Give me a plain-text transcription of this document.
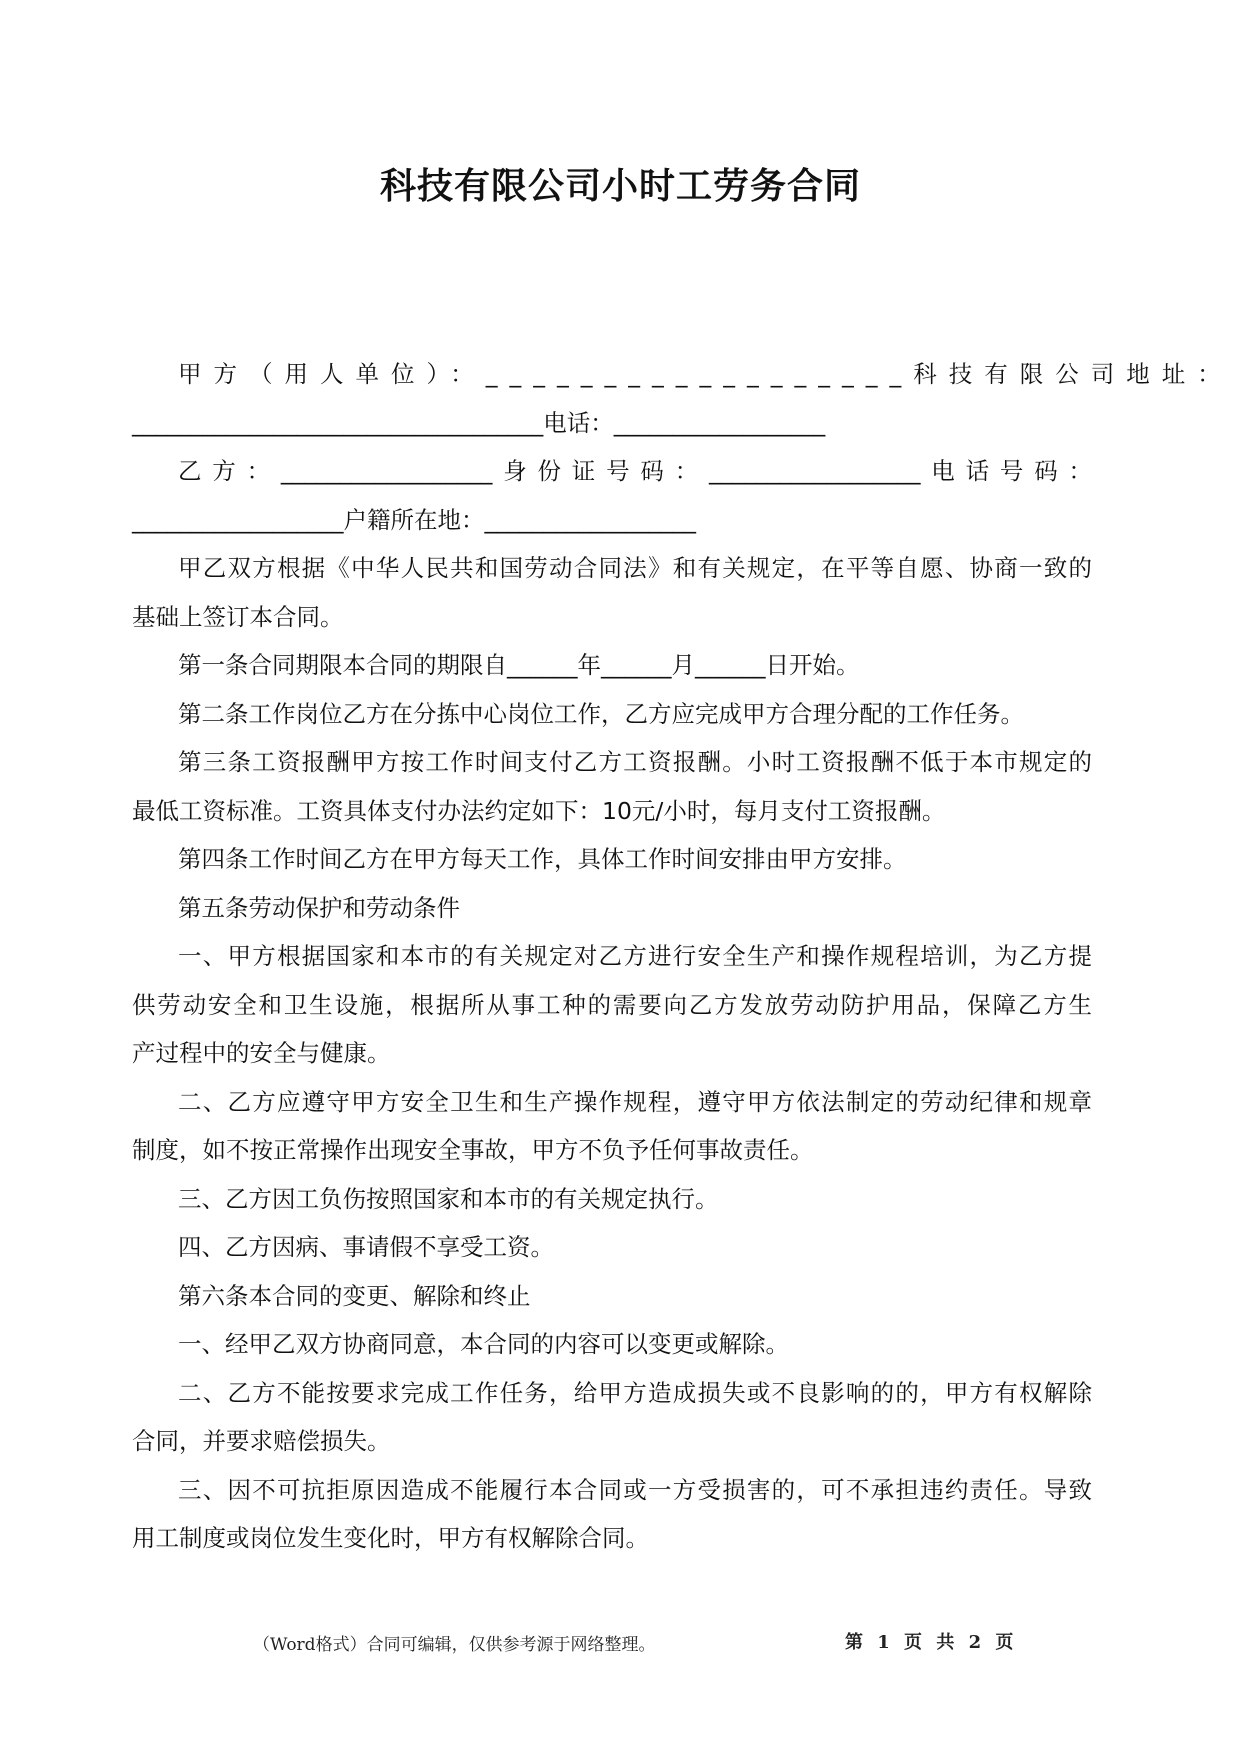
科技有限公司小时工劳务合同
甲方（用人单位）：__________________科技有限公司地址：
___________________________________电话：__________________
乙方：__________________身份证号码：__________________电话号码：
__________________户籍所在地：__________________
甲乙双方根据《中华人民共和国劳动合同法》和有关规定，在平等自愿、协商一致的
基础上签订本合同。
第一条合同期限本合同的期限自______年______月______日开始。
第二条工作岗位乙方在分拣中心岗位工作，乙方应完成甲方合理分配的工作任务。
第三条工资报酬甲方按工作时间支付乙方工资报酬。小时工资报酬不低于本市规定的
最低工资标准。工资具体支付办法约定如下：10元/小时，每月支付工资报酬。
第四条工作时间乙方在甲方每天工作，具体工作时间安排由甲方安排。
第五条劳动保护和劳动条件
一、甲方根据国家和本市的有关规定对乙方进行安全生产和操作规程培训，为乙方提
供劳动安全和卫生设施，根据所从事工种的需要向乙方发放劳动防护用品，保障乙方生
产过程中的安全与健康。
二、乙方应遵守甲方安全卫生和生产操作规程，遵守甲方依法制定的劳动纪律和规章
制度，如不按正常操作出现安全事故，甲方不负予任何事故责任。
三、乙方因工负伤按照国家和本市的有关规定执行。
四、乙方因病、事请假不享受工资。
第六条本合同的变更、解除和终止
一、经甲乙双方协商同意，本合同的内容可以变更或解除。
二、乙方不能按要求完成工作任务，给甲方造成损失或不良影响的的，甲方有权解除
合同，并要求赔偿损失。
三、因不可抗拒原因造成不能履行本合同或一方受损害的，可不承担违约责任。导致
用工制度或岗位发生变化时，甲方有权解除合同。
（Word格式）合同可编辑，仅供参考源于网络整理。	第 1 页 共 2 页
